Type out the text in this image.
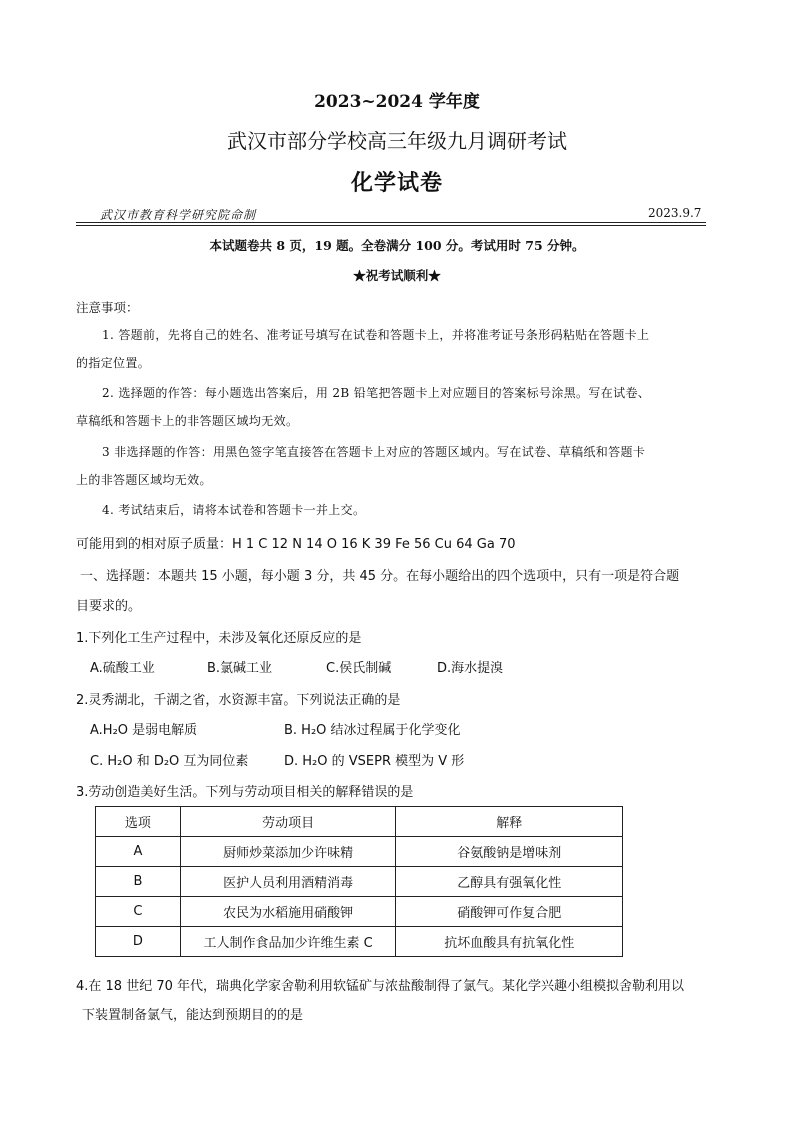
2023~2024 学年度
武汉市部分学校高三年级九月调研考试
化学试卷
武汉市教育科学研究院命制	2023.9.7
本试题卷共 8 页，19 题。全卷满分 100 分。考试用时 75 分钟。
★祝考试顺利★
注意事项：
1. 答题前，先将自己的姓名、准考证号填写在试卷和答题卡上，并将准考证号条形码粘贴在答题卡上
的指定位置。
2. 选择题的作答：每小题选出答案后，用 2B 铅笔把答题卡上对应题目的答案标号涂黑。写在试卷、
草稿纸和答题卡上的非答题区域均无效。
3 非选择题的作答：用黑色签字笔直接答在答题卡上对应的答题区域内。写在试卷、草稿纸和答题卡
上的非答题区域均无效。
4. 考试结束后，请将本试卷和答题卡一并上交。
可能用到的相对原子质量：H 1 C 12 N 14 O 16 K 39 Fe 56 Cu 64 Ga 70
一、选择题：本题共 15 小题，每小题 3 分，共 45 分。在每小题给出的四个选项中，只有一项是符合题
目要求的。
1.下列化工生产过程中，未涉及氧化还原反应的是
A.硫酸工业	B.氯碱工业	C.侯氏制碱	D.海水提溴
2.灵秀湖北，千湖之省，水资源丰富。下列说法正确的是
A.H₂O 是弱电解质	B. H₂O 结冰过程属于化学变化
C. H₂O 和 D₂O 互为同位素	D. H₂O 的 VSEPR 模型为 V 形
3.劳动创造美好生活。下列与劳动项目相关的解释错误的是
选项	劳动项目	解释
A	厨师炒菜添加少许味精	谷氨酸钠是增味剂
B	医护人员利用酒精消毒	乙醇具有强氧化性
C	农民为水稻施用硝酸钾	硝酸钾可作复合肥
D	工人制作食品加少许维生素 C	抗坏血酸具有抗氧化性
4.在 18 世纪 70 年代，瑞典化学家舍勒利用软锰矿与浓盐酸制得了氯气。某化学兴趣小组模拟舍勒利用以
下装置制备氯气，能达到预期目的的是
